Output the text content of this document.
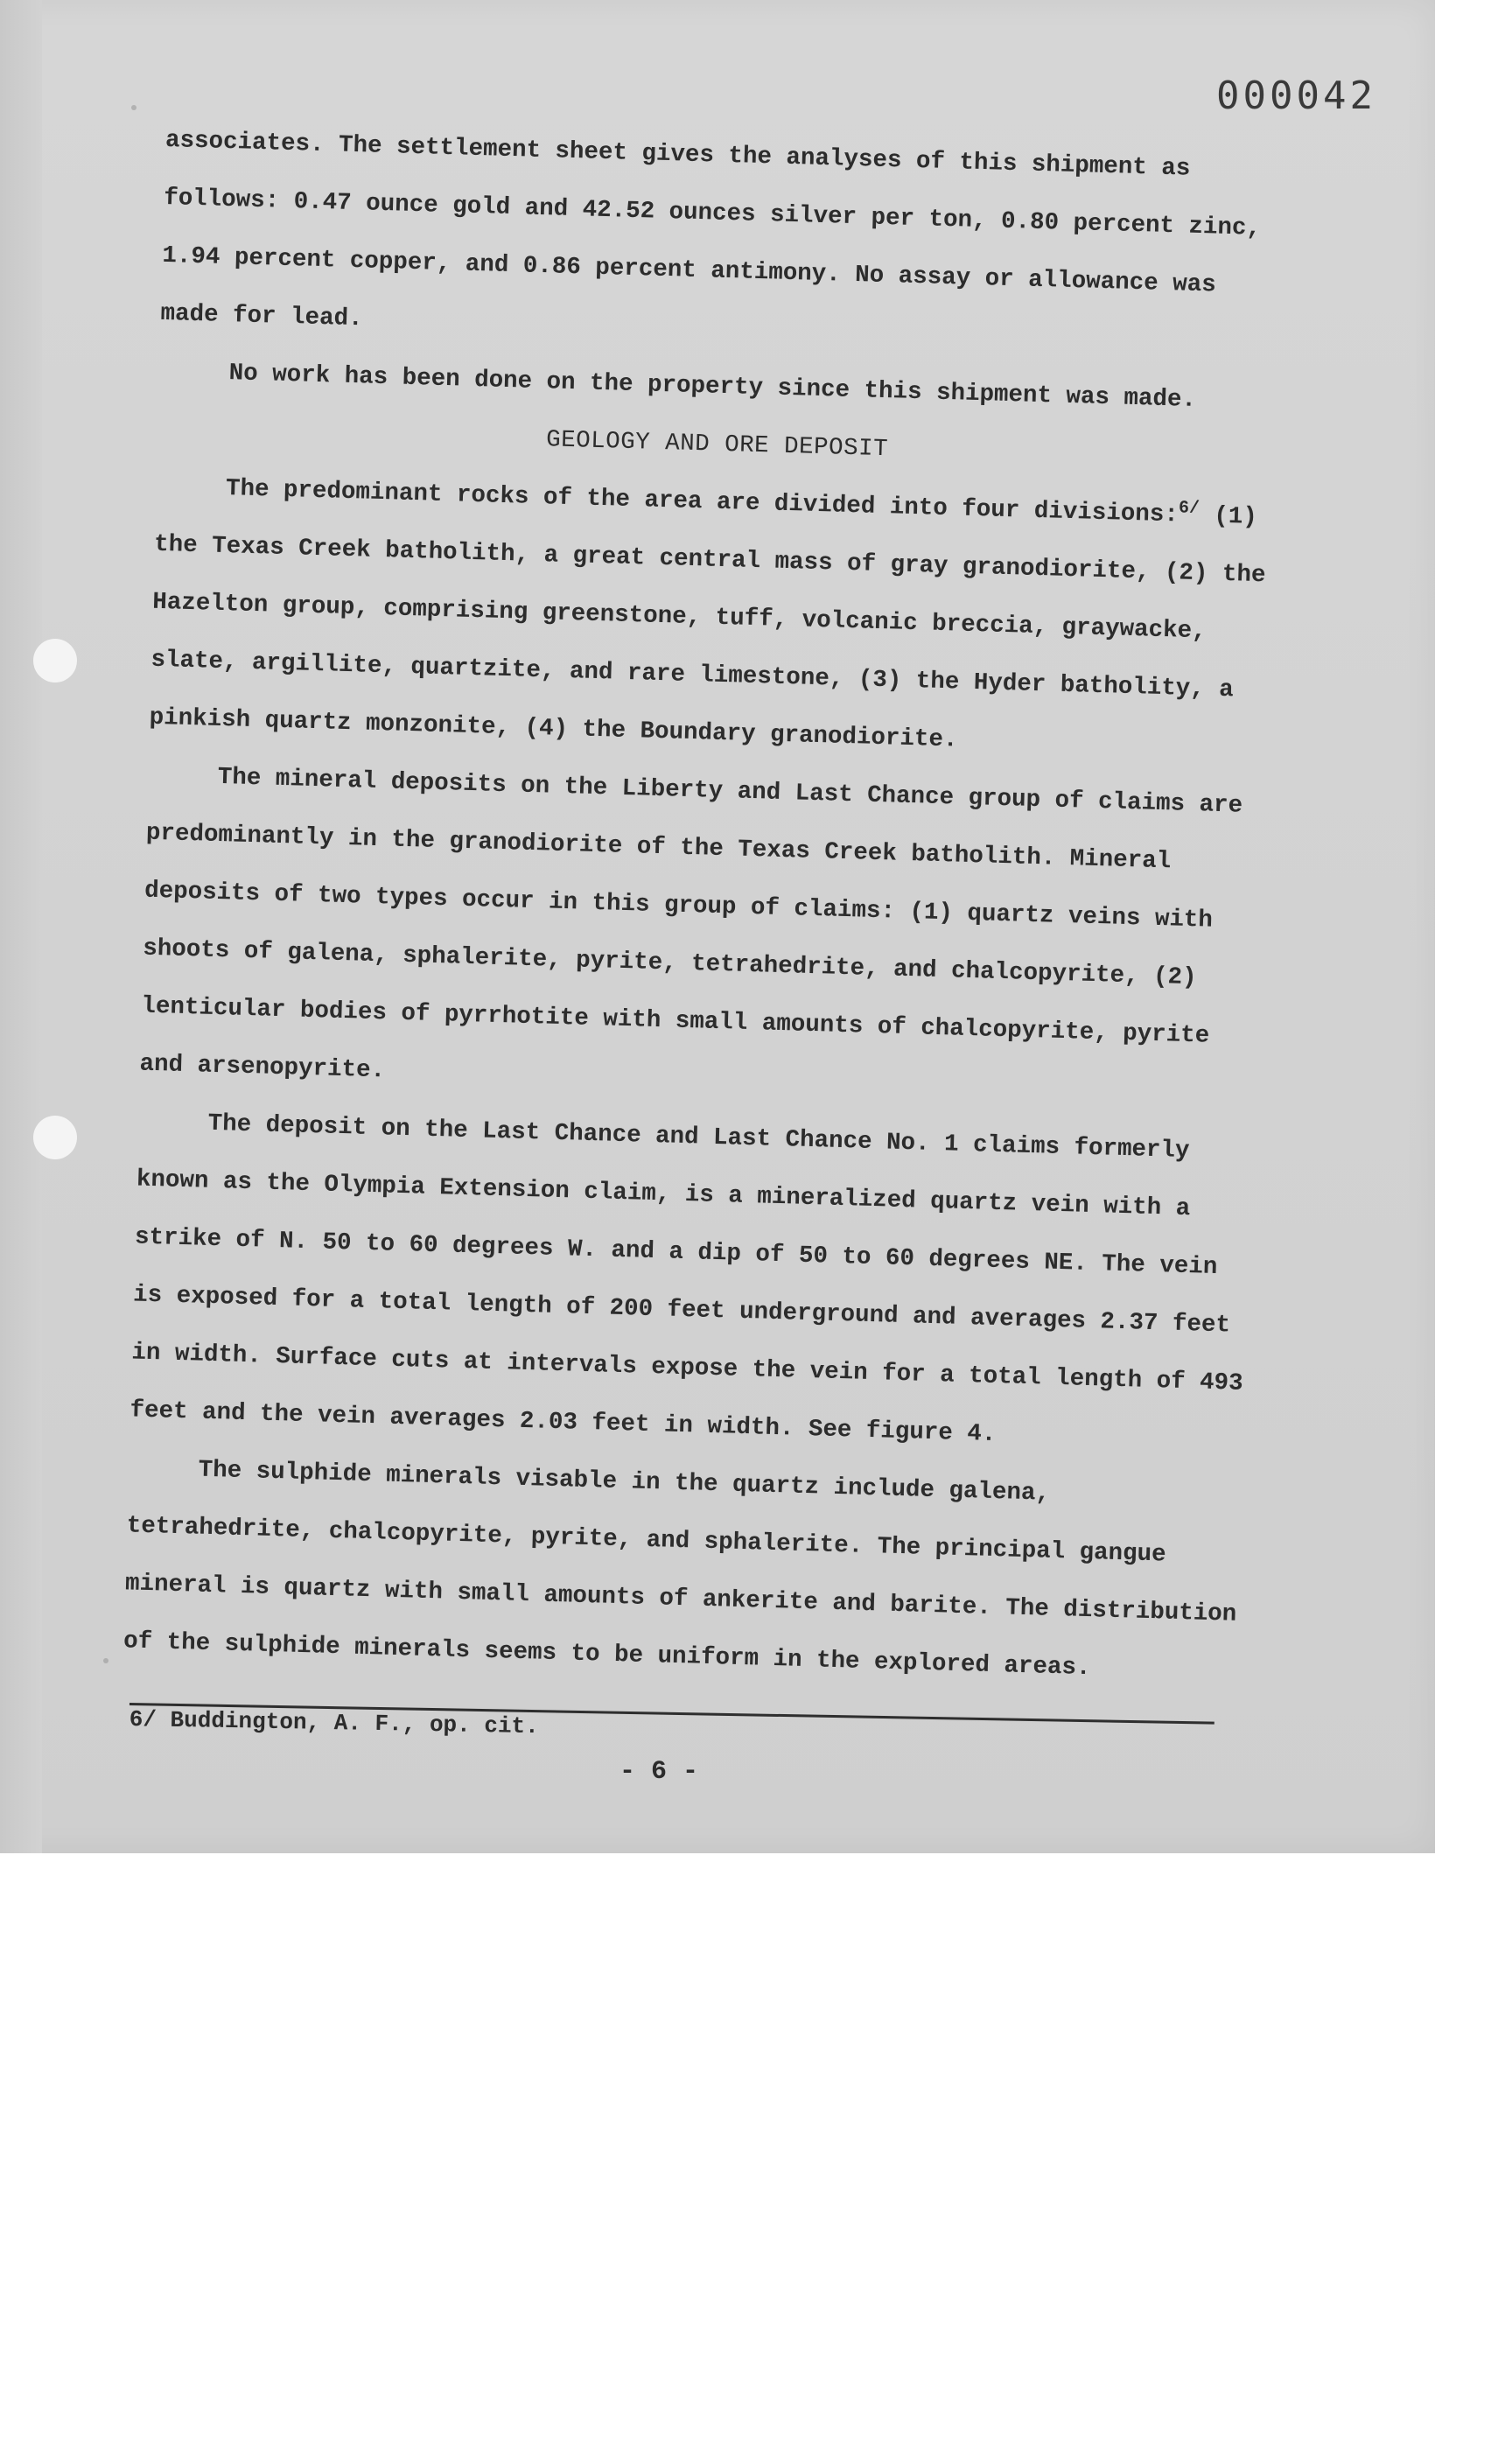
000042

associates. The settlement sheet gives the analyses of this shipment as follows: 0.47 ounce gold and 42.52 ounces silver per ton, 0.80 percent zinc, 1.94 percent copper, and 0.86 percent antimony. No assay or allowance was made for lead.

No work has been done on the property since this shipment was made.

GEOLOGY AND ORE DEPOSIT

The predominant rocks of the area are divided into four divisions:$^{6/}$ (1) the Texas Creek batholith, a great central mass of gray granodiorite, (2) the Hazelton group, comprising greenstone, tuff, volcanic breccia, graywacke, slate, argillite, quartzite, and rare limestone, (3) the Hyder batholity, a pinkish quartz monzonite, (4) the Boundary granodiorite.

The mineral deposits on the Liberty and Last Chance group of claims are predominantly in the granodiorite of the Texas Creek batholith. Mineral deposits of two types occur in this group of claims: (1) quartz veins with shoots of galena, sphalerite, pyrite, tetrahedrite, and chalcopyrite, (2) lenticular bodies of pyrrhotite with small amounts of chalcopyrite, pyrite and arsenopyrite.

The deposit on the Last Chance and Last Chance No. 1 claims formerly known as the Olympia Extension claim, is a mineralized quartz vein with a strike of N. 50 to 60 degrees W. and a dip of 50 to 60 degrees NE. The vein is exposed for a total length of 200 feet underground and averages 2.37 feet in width. Surface cuts at intervals expose the vein for a total length of 493 feet and the vein averages 2.03 feet in width. See figure 4.

The sulphide minerals visable in the quartz include galena, tetrahedrite, chalcopyrite, pyrite, and sphalerite. The principal gangue mineral is quartz with small amounts of ankerite and barite. The distribution of the sulphide minerals seems to be uniform in the explored areas.

6/ Buddington, A. F., op. cit.
- 6 -
